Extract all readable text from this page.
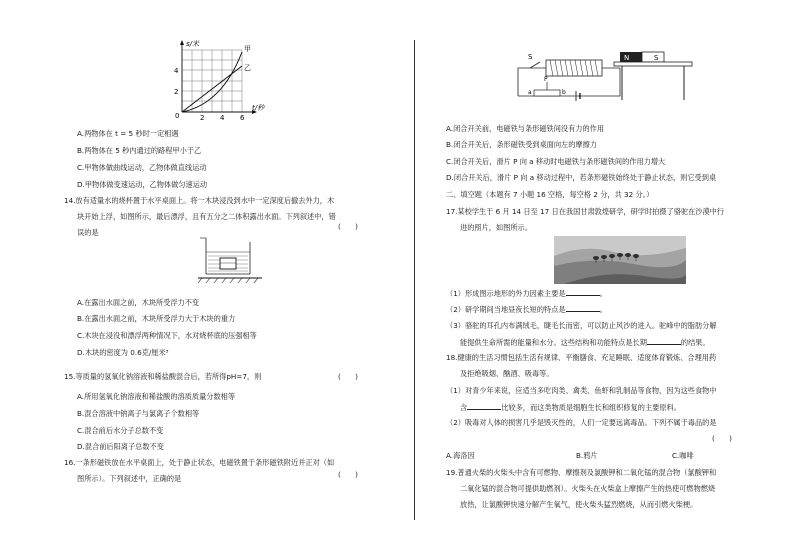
s/米
t/秒
0
2
4
2 4 6
甲
乙
A.两物体在 t = 5 秒时一定相遇
B.两物体在 5 秒内通过的路程甲小于乙
C.甲物体做曲线运动，乙物体做直线运动
D.甲物体做变速运动，乙物体做匀速运动
14.放有适量水的烧杯置于水平桌面上。将一木块浸没到水中一定深度后撤去外力，木
块开始上浮，如图所示，最后漂浮，且有五分之二体积露出水面。下列叙述中，错
误的是
(　　)
A.在露出水面之前，木块所受浮力不变
B.在露出水面之前，木块所受浮力大于木块的重力
C.木块在浸没和漂浮两种情况下，水对烧杯底的压强相等
D.木块的密度为 0.6克/厘米³
15.等质量的氢氧化钠溶液和稀盐酸混合后，若所得pH=7，则	(　　)
A.所用氢氧化钠溶液和稀盐酸的溶质质量分数相等
B.混合溶液中钠离子与氯离子个数相等
C.混合前后水分子总数不变
D.混合前后阳离子总数不变
16.一条形磁铁放在水平桌面上，处于静止状态，电磁铁置于条形磁铁附近并正对（如
图所示）。下列叙述中，正确的是	(　　)
S
a
P
b
N	S
A.闭合开关前，电磁铁与条形磁铁间没有力的作用
B.闭合开关后，条形磁铁受到桌面向左的摩擦力
C.闭合开关后，滑片 P 向 a 移动时电磁铁与条形磁铁间的作用力增大
D.闭合开关后，滑片 P 向 a 移动过程中，若条形磁铁始终处于静止状态，则它受到桌
二、填空题（本题有 7 小题 16 空格，每空格 2 分，共 32 分。）
17.某校学生于 6 月 14 日至 17 日在我国甘肃敦煌研学，研学时拍摄了骆驼在沙漠中行
进的照片，如图所示。
（1）形成图示地形的外力因素主要是	。
（2）研学期间当地昼夜长短的特点是	。
（3）骆驼的耳孔内布满绒毛，睫毛长而密，可以防止风沙的进入。驼峰中的脂肪分解
能提供生命所需的能量和水分。这些结构和功能特点是长期	的结果。
18.健康的生活习惯包括生活有规律、平衡膳食、充足睡眠、适度体育锻炼、合理用药
及拒绝吸烟、酗酒、吸毒等。
（1）对青少年来说，应适当多吃肉类、禽类、鱼虾和乳制品等食物，因为这些食物中
含	比较多，而这类物质是细胞生长和组织修复的主要原料。
（2）吸毒对人体的损害几乎是毁灭性的，人们一定要远离毒品。下列不属于毒品的是
(　　)
A.海洛因	B.鸦片	C.咖啡
19.普通火柴的火柴头中含有可燃物、摩擦剂及氯酸钾和二氧化锰的混合物（氯酸钾和
二氧化锰的混合物可提供助燃剂）。火柴头在火柴盒上摩擦产生的热使可燃物燃烧
放热，让氯酸钾快速分解产生氧气，使火柴头猛烈燃烧，从而引燃火柴梗。
